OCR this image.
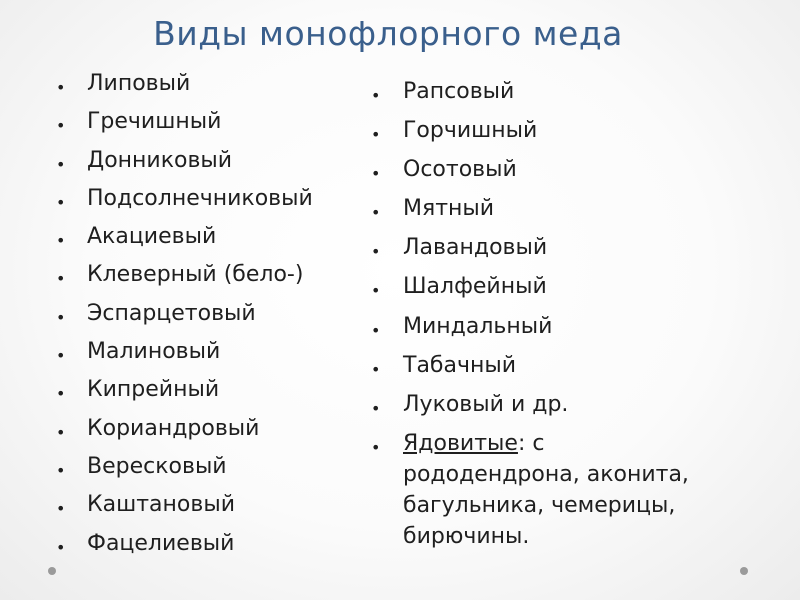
Виды монофлорного меда
• Липовый
• Гречишный
• Донниковый
• Подсолнечниковый
• Акациевый
• Клеверный (бело-)
• Эспарцетовый
• Малиновый
• Кипрейный
• Кориандровый
• Вересковый
• Каштановый
• Фацелиевый
• Рапсовый
• Горчишный
• Осотовый
• Мятный
• Лавандовый
• Шалфейный
• Миндальный
• Табачный
• Луковый и др.
• Ядовитые: с рододендрона, аконита, багульника, чемерицы, бирючины.
